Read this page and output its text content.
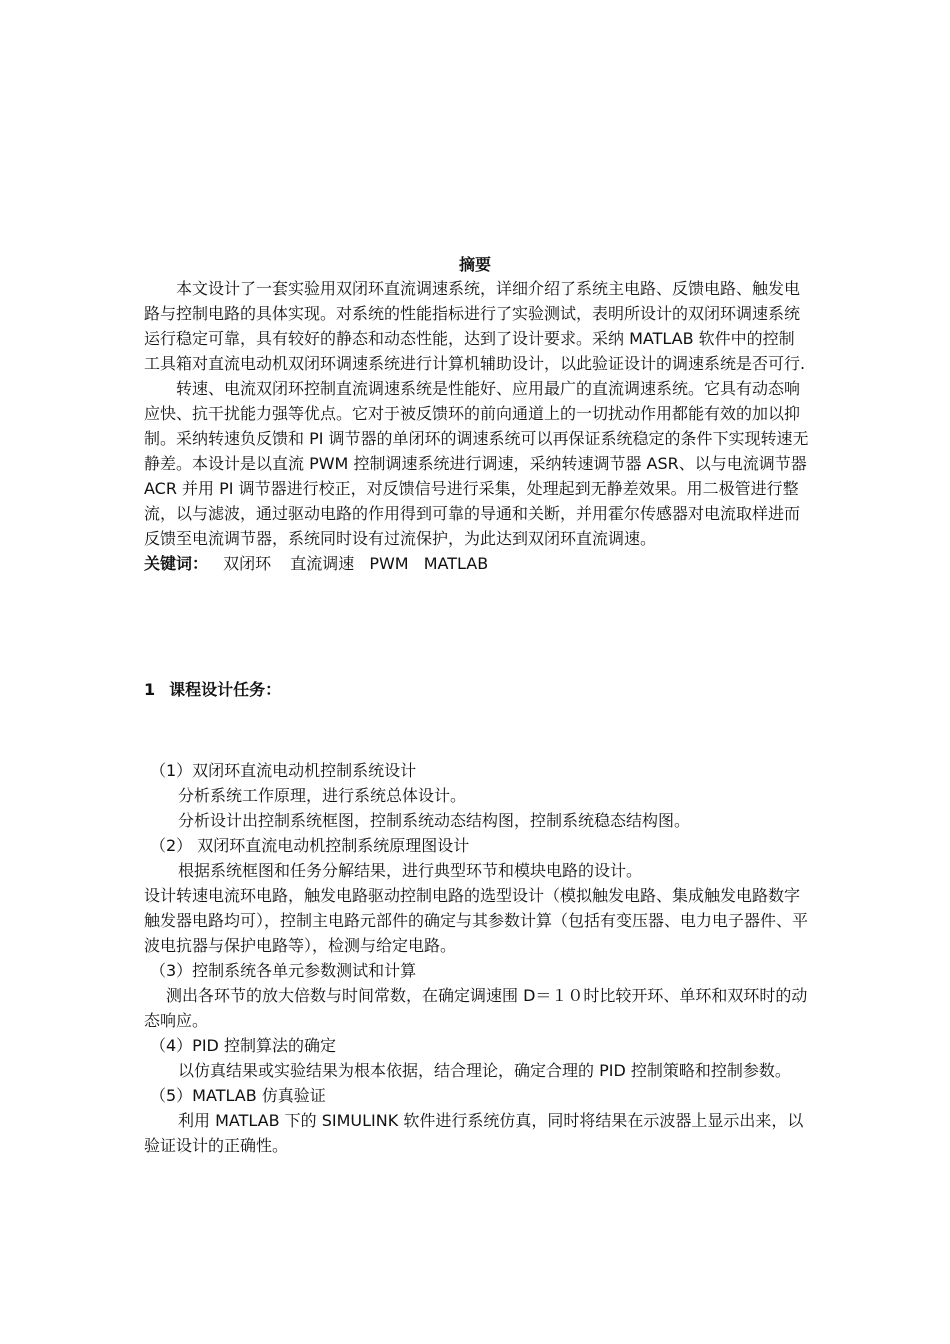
摘要

本文设计了一套实验用双闭环直流调速系统，详细介绍了系统主电路、反馈电路、触发电路与控制电路的具体实现。对系统的性能指标进行了实验测试，表明所设计的双闭环调速系统运行稳定可靠，具有较好的静态和动态性能，达到了设计要求。采纳 MATLAB 软件中的控制工具箱对直流电动机双闭环调速系统进行计算机辅助设计，以此验证设计的调速系统是否可行.

转速、电流双闭环控制直流调速系统是性能好、应用最广的直流调速系统。它具有动态响应快、抗干扰能力强等优点。它对于被反馈环的前向通道上的一切扰动作用都能有效的加以抑制。采纳转速负反馈和 PI 调节器的单闭环的调速系统可以再保证系统稳定的条件下实现转速无静差。本设计是以直流 PWM 控制调速系统进行调速，采纳转速调节器 ASR、以与电流调节器 ACR 并用 PI 调节器进行校正，对反馈信号进行采集，处理起到无静差效果。用二极管进行整流，以与滤波，通过驱动电路的作用得到可靠的导通和关断，并用霍尔传感器对电流取样进而反馈至电流调节器，系统同时设有过流保护，为此达到双闭环直流调速。

关键词： 双闭环 直流调速 PWM MATLAB

1 课程设计任务：

（1）双闭环直流电动机控制系统设计

分析系统工作原理，进行系统总体设计。

分析设计出控制系统框图，控制系统动态结构图，控制系统稳态结构图。

（2） 双闭环直流电动机控制系统原理图设计

根据系统框图和任务分解结果，进行典型环节和模块电路的设计。

设计转速电流环电路，触发电路驱动控制电路的选型设计（模拟触发电路、集成触发电路数字触发器电路均可），控制主电路元部件的确定与其参数计算（包括有变压器、电力电子器件、平波电抗器与保护电路等），检测与给定电路。

（3）控制系统各单元参数测试和计算

测出各环节的放大倍数与时间常数，在确定调速围 D＝１０时比较开环、单环和双环时的动态响应。

（4）PID 控制算法的确定

以仿真结果或实验结果为根本依据，结合理论，确定合理的 PID 控制策略和控制参数。

（5）MATLAB 仿真验证

利用 MATLAB 下的 SIMULINK 软件进行系统仿真，同时将结果在示波器上显示出来，以验证设计的正确性。
